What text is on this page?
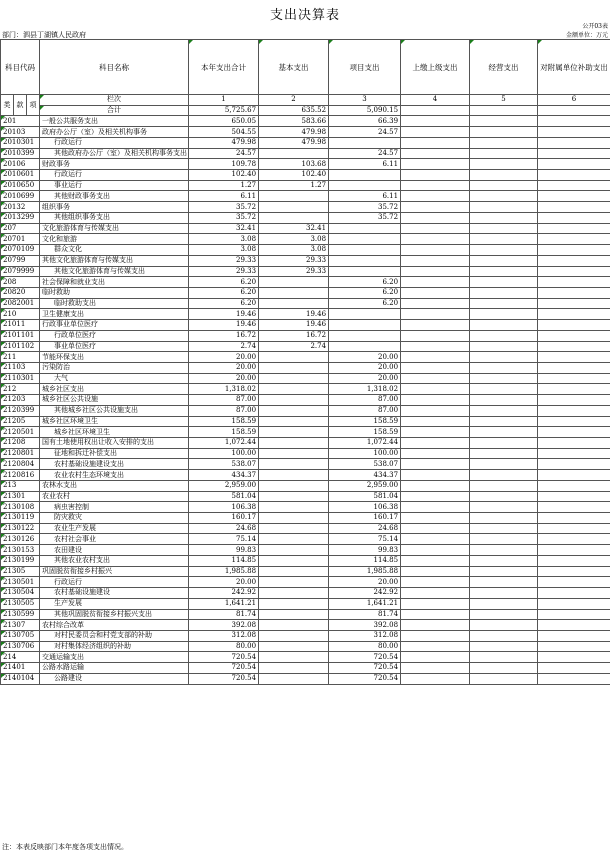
支出决算表
公开03表
部门：泗县丁湖镇人民政府	金额单位：万元
科目代码			科目名称	本年支出合计	基本支出	项目支出	上缴上级支出	经营支出	对附属单位补助支出
类	款	项	栏次	1	2	3	4	5	6
			合计	5,725.67	635.52	5,090.15			
201			一般公共服务支出	650.05	583.66	66.39			
20103			政府办公厅（室）及相关机构事务	504.55	479.98	24.57			
2010301			行政运行	479.98	479.98				
2010399			其他政府办公厅（室）及相关机构事务支出	24.57		24.57			
20106			财政事务	109.78	103.68	6.11			
2010601			行政运行	102.40	102.40				
2010650			事业运行	1.27	1.27				
2010699			其他财政事务支出	6.11		6.11			
20132			组织事务	35.72		35.72			
2013299			其他组织事务支出	35.72		35.72			
207			文化旅游体育与传媒支出	32.41	32.41				
20701			文化和旅游	3.08	3.08				
2070109			群众文化	3.08	3.08				
20799			其他文化旅游体育与传媒支出	29.33	29.33				
2079999			其他文化旅游体育与传媒支出	29.33	29.33				
208			社会保障和就业支出	6.20		6.20			
20820			临时救助	6.20		6.20			
2082001			临时救助支出	6.20		6.20			
210			卫生健康支出	19.46	19.46				
21011			行政事业单位医疗	19.46	19.46				
2101101			行政单位医疗	16.72	16.72				
2101102			事业单位医疗	2.74	2.74				
211			节能环保支出	20.00		20.00			
21103			污染防治	20.00		20.00			
2110301			大气	20.00		20.00			
212			城乡社区支出	1,318.02		1,318.02			
21203			城乡社区公共设施	87.00		87.00			
2120399			其他城乡社区公共设施支出	87.00		87.00			
21205			城乡社区环境卫生	158.59		158.59			
2120501			城乡社区环境卫生	158.59		158.59			
21208			国有土地使用权出让收入安排的支出	1,072.44		1,072.44			
2120801			征地和拆迁补偿支出	100.00		100.00			
2120804			农村基础设施建设支出	538.07		538.07			
2120816			农业农村生态环境支出	434.37		434.37			
213			农林水支出	2,959.00		2,959.00			
21301			农业农村	581.04		581.04			
2130108			病虫害控制	106.38		106.38			
2130119			防灾救灾	160.17		160.17			
2130122			农业生产发展	24.68		24.68			
2130126			农村社会事业	75.14		75.14			
2130153			农田建设	99.83		99.83			
2130199			其他农业农村支出	114.85		114.85			
21305			巩固脱贫衔接乡村振兴	1,985.88		1,985.88			
2130501			行政运行	20.00		20.00			
2130504			农村基础设施建设	242.92		242.92			
2130505			生产发展	1,641.21		1,641.21			
2130599			其他巩固脱贫衔接乡村振兴支出	81.74		81.74			
21307			农村综合改革	392.08		392.08			
2130705			对村民委员会和村党支部的补助	312.08		312.08			
2130706			对村集体经济组织的补助	80.00		80.00			
214			交通运输支出	720.54		720.54			
21401			公路水路运输	720.54		720.54			
2140104			公路建设	720.54		720.54			
注：本表反映部门本年度各项支出情况。
